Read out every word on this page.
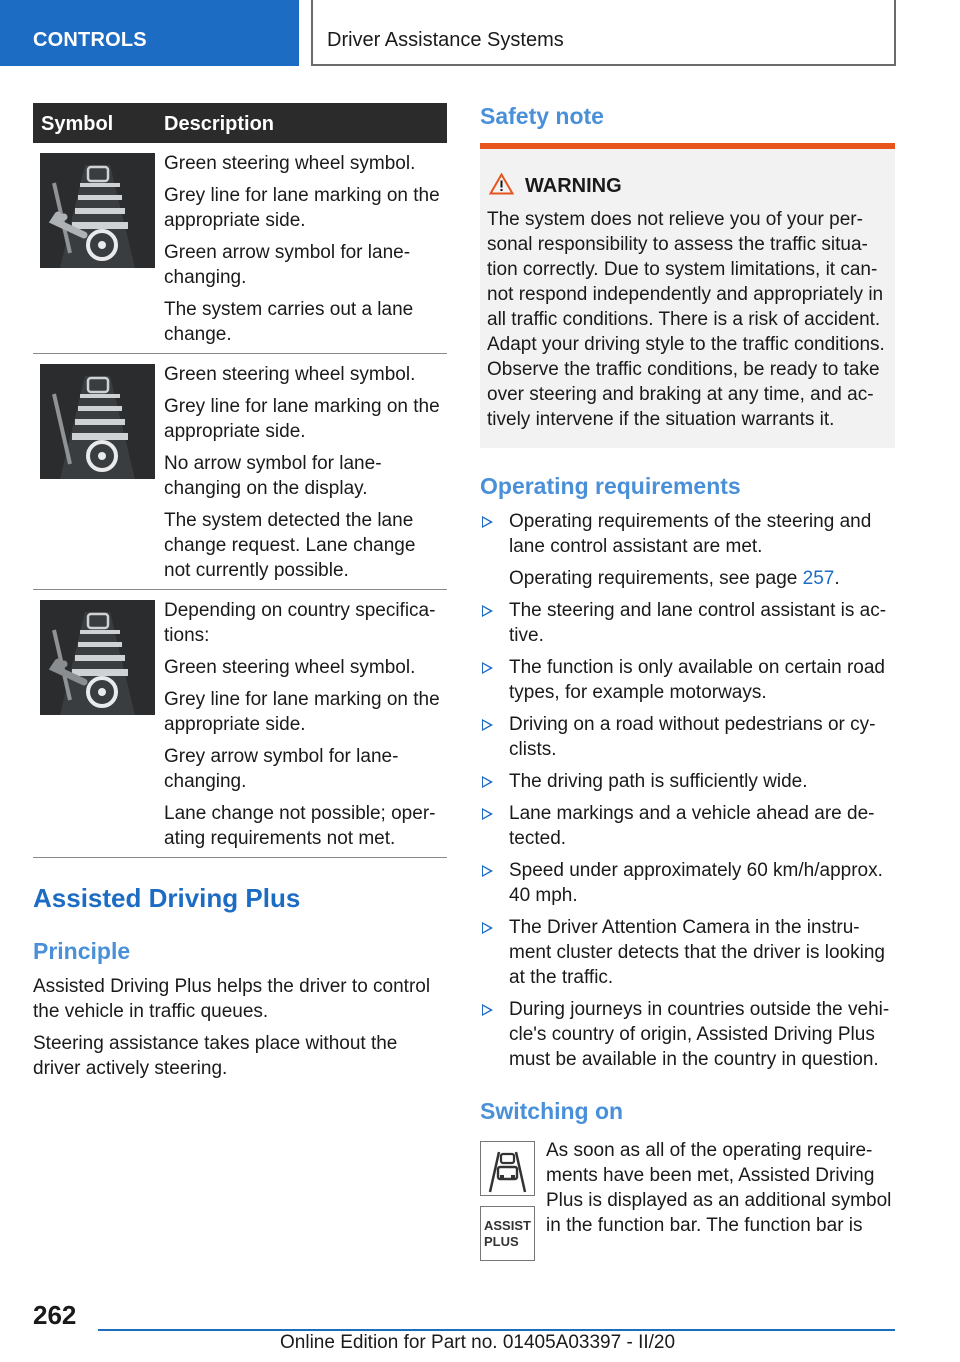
CONTROLS	Driver Assistance Systems
Symbol	Description

Green steering wheel symbol.

Grey line for lane marking on the appropriate side.

Green arrow symbol for lane-changing.

The system carries out a lane change.

Green steering wheel symbol.

Grey line for lane marking on the appropriate side.

No arrow symbol for lane-changing on the display.

The system detected the lane change request. Lane change not currently possible.

Depending on country specifica-tions:

Green steering wheel symbol.

Grey line for lane marking on the appropriate side.

Grey arrow symbol for lane-changing.

Lane change not possible; oper-ating requirements not met.

Assisted Driving Plus
Principle
Assisted Driving Plus helps the driver to control the vehicle in traffic queues.
Steering assistance takes place without the driver actively steering.
Safety note
WARNING
The system does not relieve you of your per-sonal responsibility to assess the traffic situa-tion correctly. Due to system limitations, it can-not respond independently and appropriately in all traffic conditions. There is a risk of accident. Adapt your driving style to the traffic conditions. Observe the traffic conditions, be ready to take over steering and braking at any time, and ac-tively intervene if the situation warrants it.
Operating requirements
Operating requirements of the steering and lane control assistant are met.
Operating requirements, see page 257.
The steering and lane control assistant is ac-tive.
The function is only available on certain road types, for example motorways.
Driving on a road without pedestrians or cy-clists.
The driving path is sufficiently wide.
Lane markings and a vehicle ahead are de-tected.
Speed under approximately 60 km/h/approx. 40 mph.
The Driver Attention Camera in the instru-ment cluster detects that the driver is looking at the traffic.
During journeys in countries outside the vehi-cle's country of origin, Assisted Driving Plus must be available in the country in question.
Switching on
ASSIST
PLUS
As soon as all of the operating require-ments have been met, Assisted Driving Plus is displayed as an additional symbol in the function bar. The function bar is
262
Online Edition for Part no. 01405A03397 - II/20
